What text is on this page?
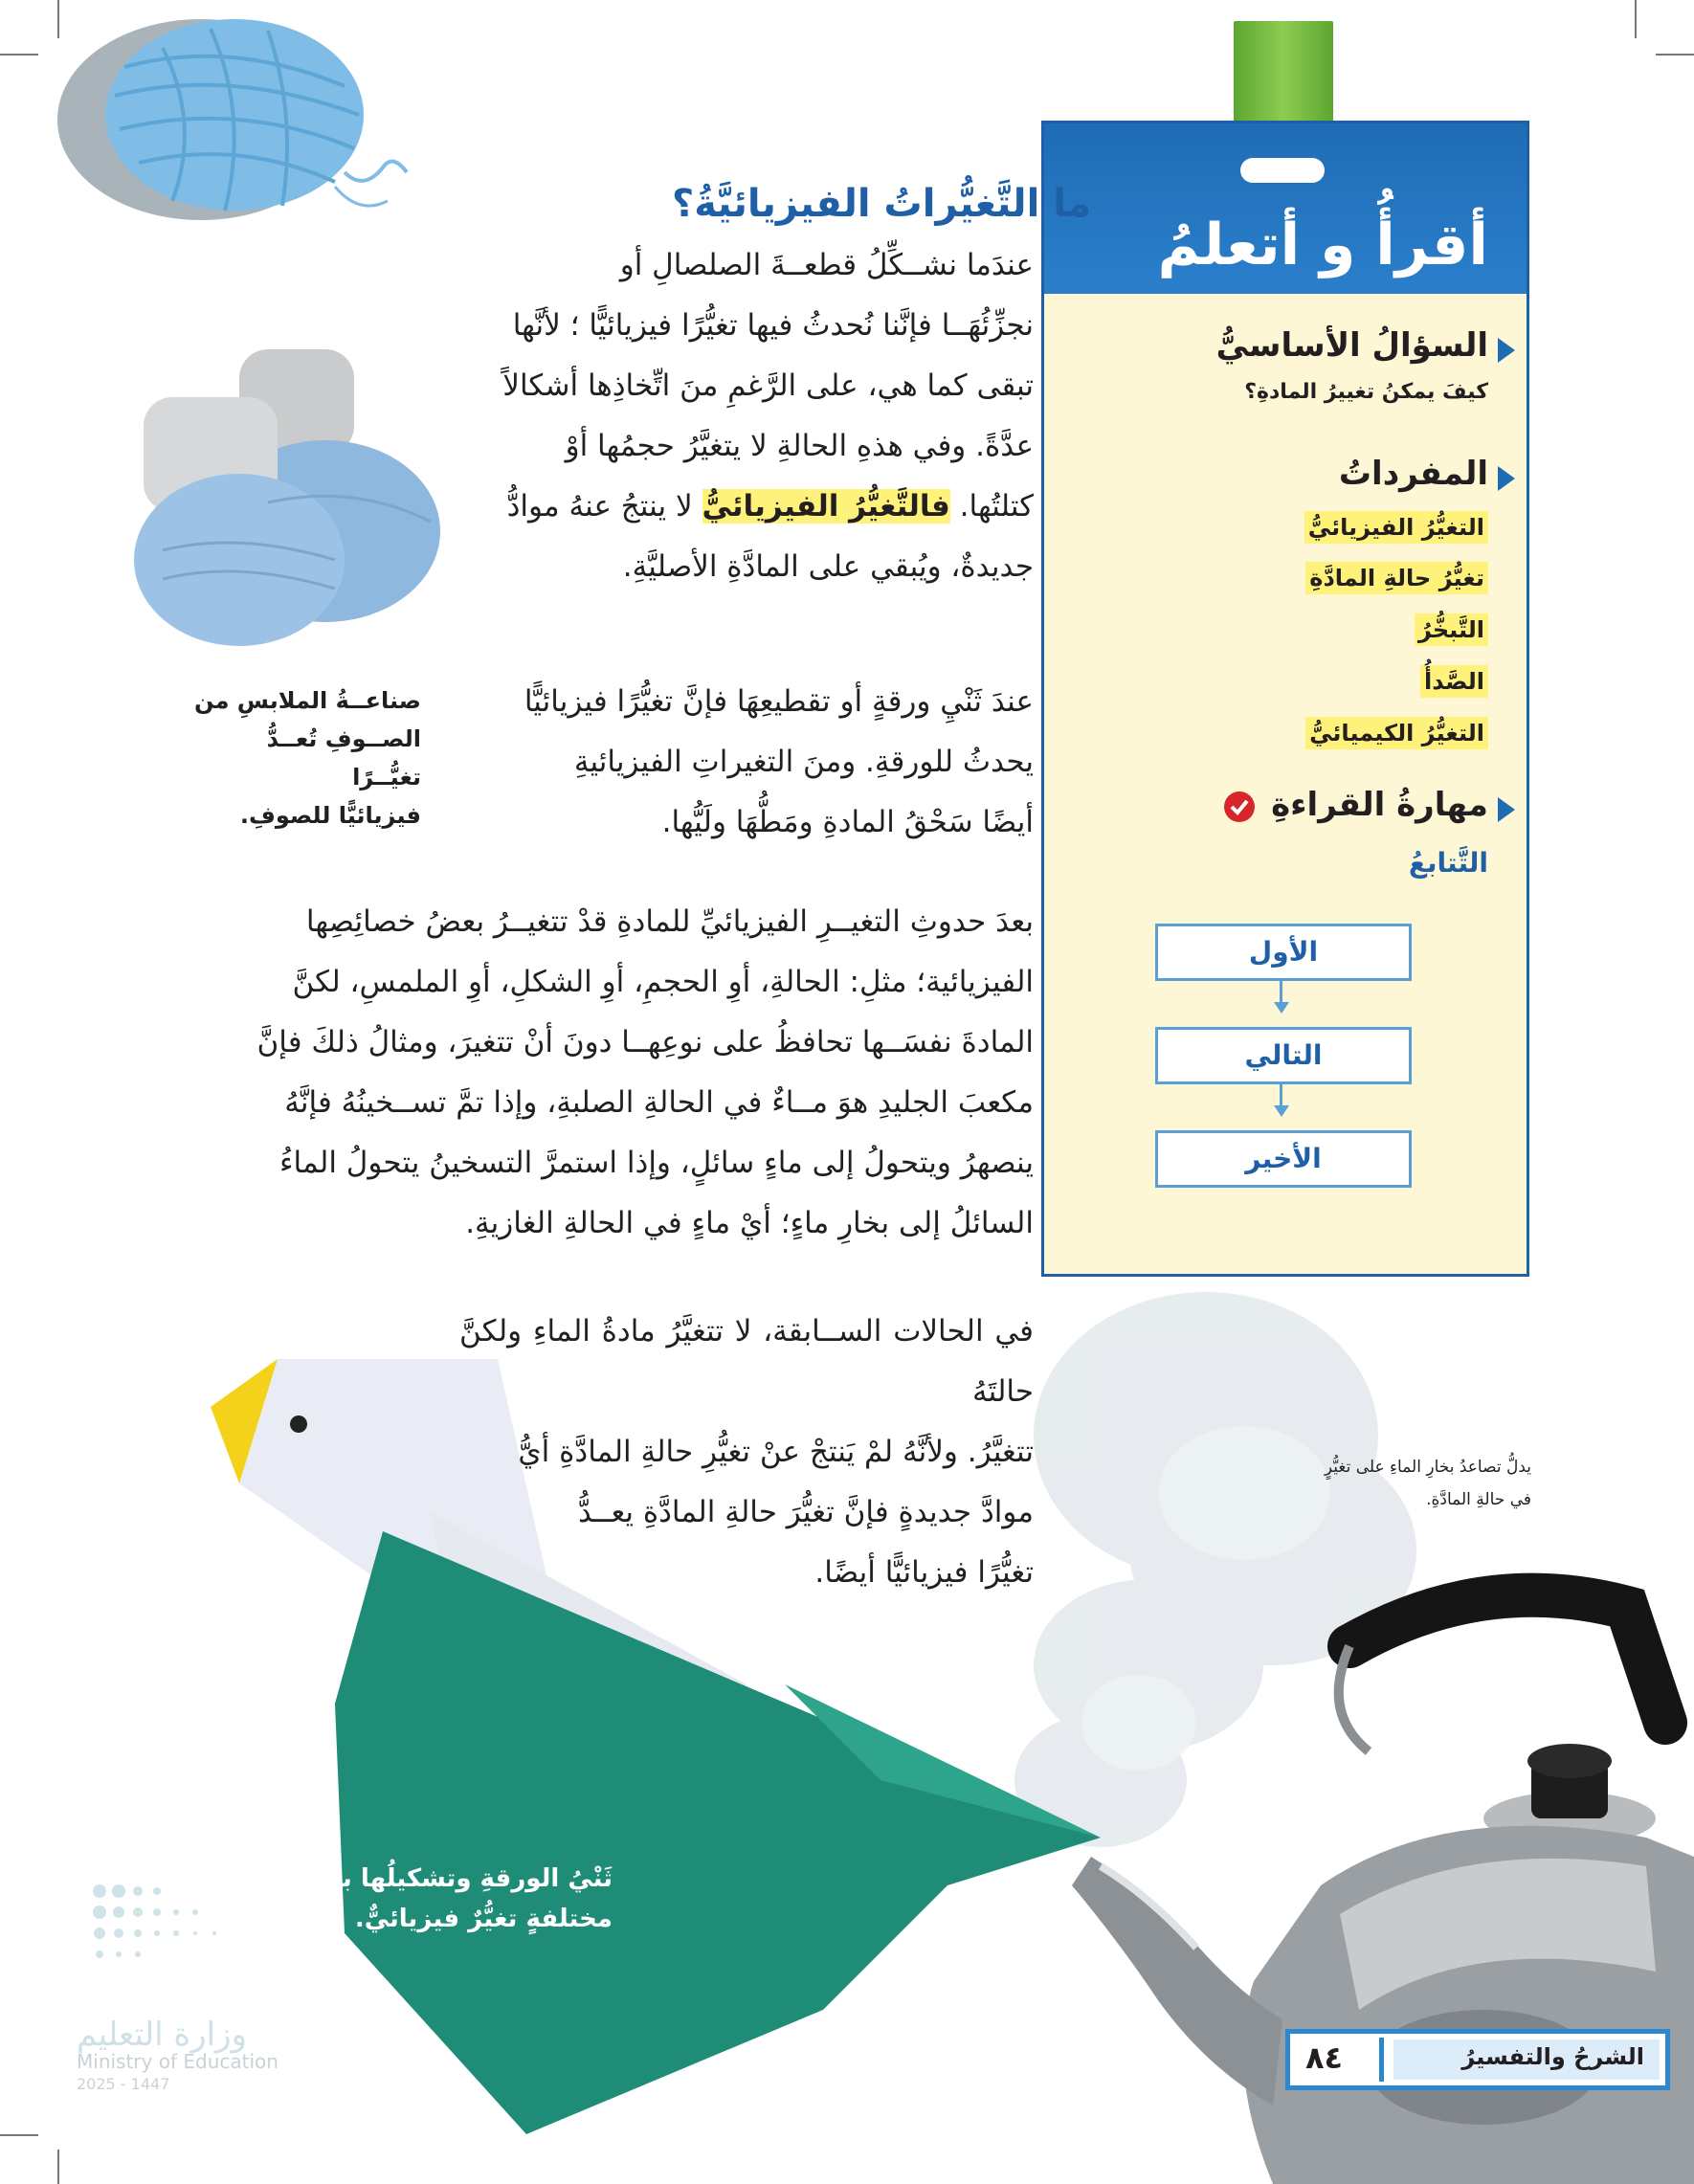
صناعــةُ الملابسِ من
الصــوفِ تُعــدُّ تغيُّــرًا
فيزيائيًّا للصوفِ.
أقرأُ و أتعلمُ
السؤالُ الأساسيُّ
كيفَ يمكنُ تغييرُ المادةِ؟
المفرداتُ
التغيُّرُ الفيزيائيُّ
تغيُّرُ حالةِ المادَّةِ
التَّبخُّرُ
الصَّدأُ
التغيُّرُ الكيميائيُّ
مهارةُ القراءةِ
التَّتابعُ
الأول
التالي
الأخير
ما التَّغيُّراتُ الفيزيائيَّةُ؟
عندَما نشــكِّلُ قطعــةَ الصلصالِ أو
نجزِّئُهَــا فإنَّنا نُحدثُ فيها تغيُّرًا فيزيائيًّا ؛ لأنَّها
تبقى كما هي، على الرَّغمِ منَ اتِّخاذِها أشكالاً
عدَّةً. وفي هذهِ الحالةِ لا يتغيَّرُ حجمُها أوْ
كتلتُها. فالتَّغيُّرُ الفيزيائيُّ لا ينتجُ عنهُ موادُّ
جديدةٌ، ويُبقي على المادَّةِ الأصليَّةِ.
عندَ ثَنْيِ ورقةٍ أو تقطيعِهَا فإنَّ تغيُّرًا فيزيائيًّا
يحدثُ للورقةِ. ومنَ التغيراتِ الفيزيائيةِ
أيضًا سَحْقُ المادةِ ومَطُّهَا ولَيُّها.
بعدَ حدوثِ التغيــرِ الفيزيائيِّ للمادةِ قدْ تتغيــرُ بعضُ خصائِصِها
الفيزيائية؛ مثلِ: الحالةِ، أوِ الحجمِ، أوِ الشكلِ، أوِ الملمسِ، لكنَّ
المادةَ نفسَــها تحافظُ على نوعِهــا دونَ أنْ تتغيرَ، ومثالُ ذلكَ فإنَّ
مكعبَ الجليدِ هوَ مــاءٌ في الحالةِ الصلبةِ، وإذا تمَّ تســخينُهُ فإنَّهُ
ينصهرُ ويتحولُ إلى ماءٍ سائلٍ، وإذا استمرَّ التسخينُ يتحولُ الماءُ
السائلُ إلى بخارِ ماءٍ؛ أيْ ماءٍ في الحالةِ الغازيةِ.
في الحالات الســابقة، لا تتغيَّرُ مادةُ الماءِ ولكنَّ حالتَهُ
تتغيَّرُ. ولأنَّهُ لمْ يَنتجْ عنْ تغيُّرِ حالةِ المادَّةِ أيُّ
موادَّ جديدةٍ فإنَّ تغيُّرَ حالةِ المادَّةِ يعــدُّ
تغيُّرًا فيزيائيًّا أيضًا.
يدلُّ تصاعدُ بخارِ الماءِ على تغيُّرٍ
في حالةِ المادَّةِ.
ثَنْيُ الورقةِ وتشكيلُها بأشكالٍ
مختلفةٍ تغيُّرٌ فيزيائيٌّ.
وزارة التعليم
Ministry of Education
2025 - 1447
الشرحُ والتفسيرُ
٨٤
